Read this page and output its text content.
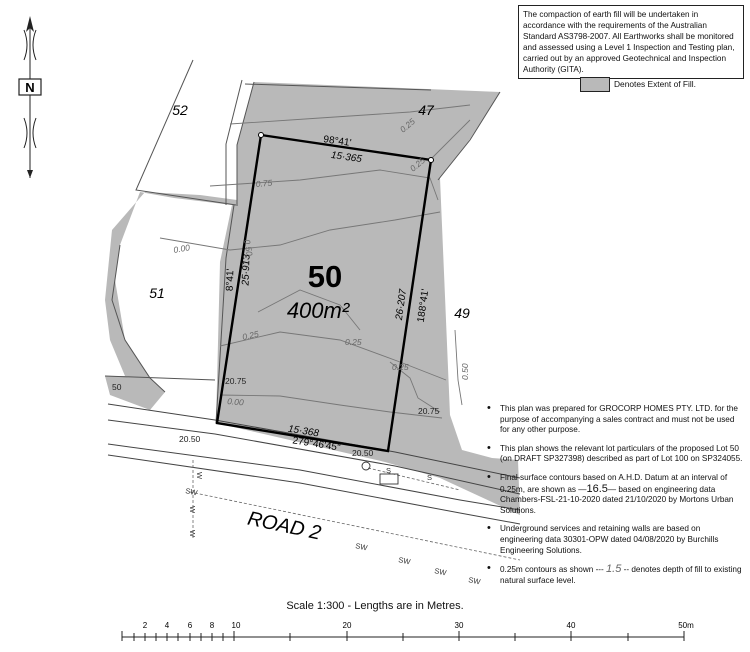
N
50
400m²
98°41'
15·365
26·207 188°41'
25·913
8°41'
15·368
279°46'45"
52	47
51
49
0.75
0.25
0.00	0.50
0.25
0.25	0.50
0.00
0.25
0.25
20.75
20.75
20.50
20.50
50
ROAD 2
SW
SW
SW
SW
SW
W
W
W
S
S
2 4 6 8 10	20	30	40	50m
The compaction of earth fill will be undertaken in accordance with the requirements of the Australian Standard AS3798-2007. All Earthworks shall be monitored and assessed using a Level 1 Inspection and Testing plan, carried out by an approved Geotechnical and Inspection Authority (GITA).
Denotes Extent of Fill.
• This plan was prepared for GROCORP HOMES PTY. LTD. for the purpose of accompanying a sales contract and must not be used for any other purpose.
• This plan shows the relevant lot particulars of the proposed Lot 50 (on DRAFT SP327398) described as part of Lot 100 on SP324055.
• Final surface contours based on A.H.D. Datum at an interval of 0.25m, are shown as —16.5— based on engineering data Chambers-FSL-21-10-2020 dated 21/10/2020 by Mortons Urban Solutions.
• Underground services and retaining walls are based on engineering data 30301-OPW dated 04/08/2020 by Burchills Engineering Solutions.
• 0.25m contours as shown --- 1.5 -- denotes depth of fill to existing natural surface level.
Scale 1:300 - Lengths are in Metres.
